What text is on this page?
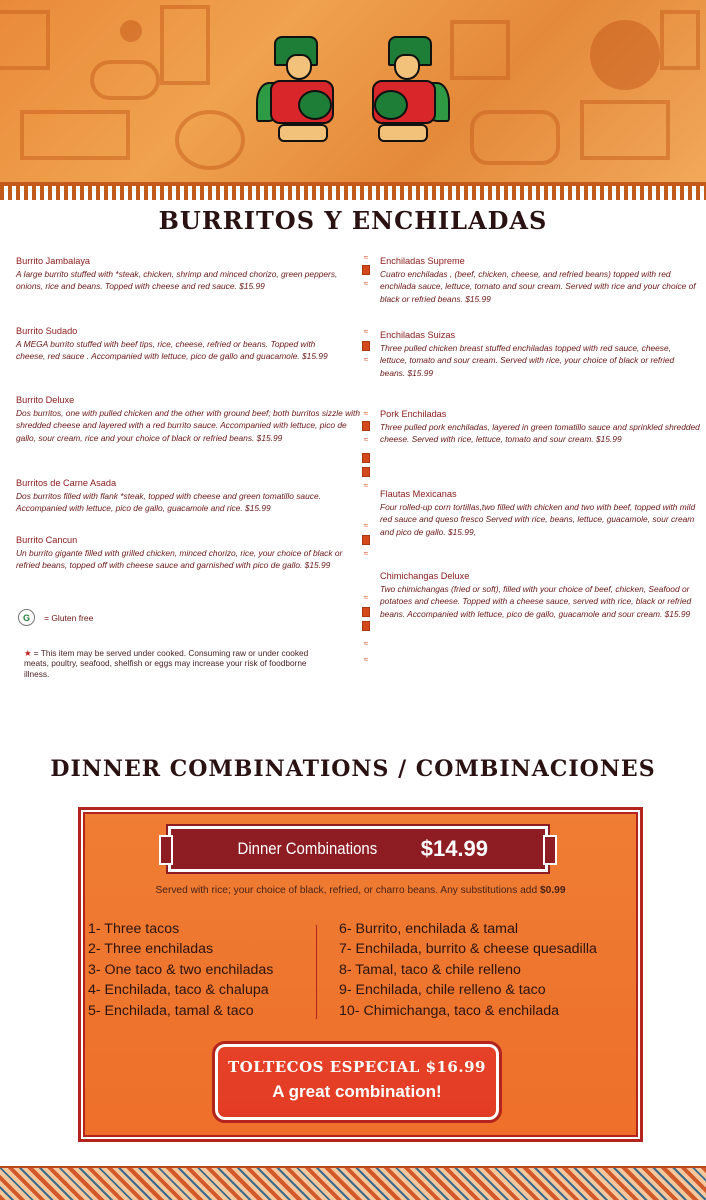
BURRITOS Y ENCHILADAS
Burrito Jambalaya
A large burrito stuffed with *steak, chicken, shrimp and minced chorizo, green peppers, onions, rice and beans. Topped with cheese and red sauce. $15.99
Burrito Sudado
A MEGA burrito stuffed with beef tips, rice, cheese, refried or beans. Topped with cheese, red sauce . Accompanied with lettuce, pico de gallo and guacamole. $15.99
Burrito Deluxe
Dos burritos, one with pulled chicken and the other with ground beef; both burritos sizzle with shredded cheese and layered with a red burrito sauce. Accompanied with lettuce, pico de gallo, sour cream, rice and your choice of black or refried beans. $15.99
Burritos de Carne Asada
Dos burritos filled with flank *steak, topped with cheese and green tomatillo sauce. Accompanied with lettuce, pico de gallo, guacamole and rice. $15.99
Burrito Cancun
Un burrito gigante filled with grilled chicken, minced chorizo, rice, your choice of black or refried beans, topped off with cheese sauce and garnished with pico de gallo. $15.99
≈
≈
≈
≈
≈
≈
≈
≈
≈
≈
≈
≈
Enchiladas Supreme
Cuatro enchiladas , (beef, chicken, cheese, and refried beans) topped with red enchilada sauce, lettuce, tomato and sour cream. Served with rice and your choice of black or refried beans. $15.99
Enchiladas Suizas
Three pulled chicken breast stuffed enchiladas topped with red sauce, cheese, lettuce, tomato and sour cream. Served with rice, your choice of black or refried beans. $15.99
Pork Enchiladas
Three pulled pork enchiladas, layered in green tomatillo sauce and sprinkled shredded cheese. Served with rice, lettuce, tomato and sour cream. $15.99
Flautas Mexicanas
Four rolled-up corn tortillas,two filled with chicken and two with beef, topped with mild red sauce and queso fresco Served with rice, beans, lettuce, guacamole, sour cream and pico de gallo. $15.99,
Chimichangas Deluxe
Two chimichangas (fried or soft), filled with your choice of beef, chicken, Seafood or potatoes and cheese. Topped with a cheese sauce, served with rice, black or refried beans. Accompanied with lettuce, pico de gallo, guacamole and sour cream. $15.99
G	= Gluten free
★ = This item may be served under cooked. Consuming raw or under cooked meats, poultry, seafood, shelfish or eggs may increase your risk of foodborne illness.
DINNER COMBINATIONS / COMBINACIONES
Dinner Combinations $14.99
Served with rice; your choice of black, refried, or charro beans. Any substitutions add $0.99
1- Three tacos
2- Three enchiladas
3- One taco & two enchiladas
4- Enchilada, taco & chalupa
5- Enchilada, tamal & taco
6- Burrito, enchilada & tamal
7- Enchilada, burrito & cheese quesadilla
8- Tamal, taco & chile relleno
9- Enchilada, chile relleno & taco
10- Chimichanga, taco & enchilada
TOLTECOS ESPECIAL $16.99
A great combination!
